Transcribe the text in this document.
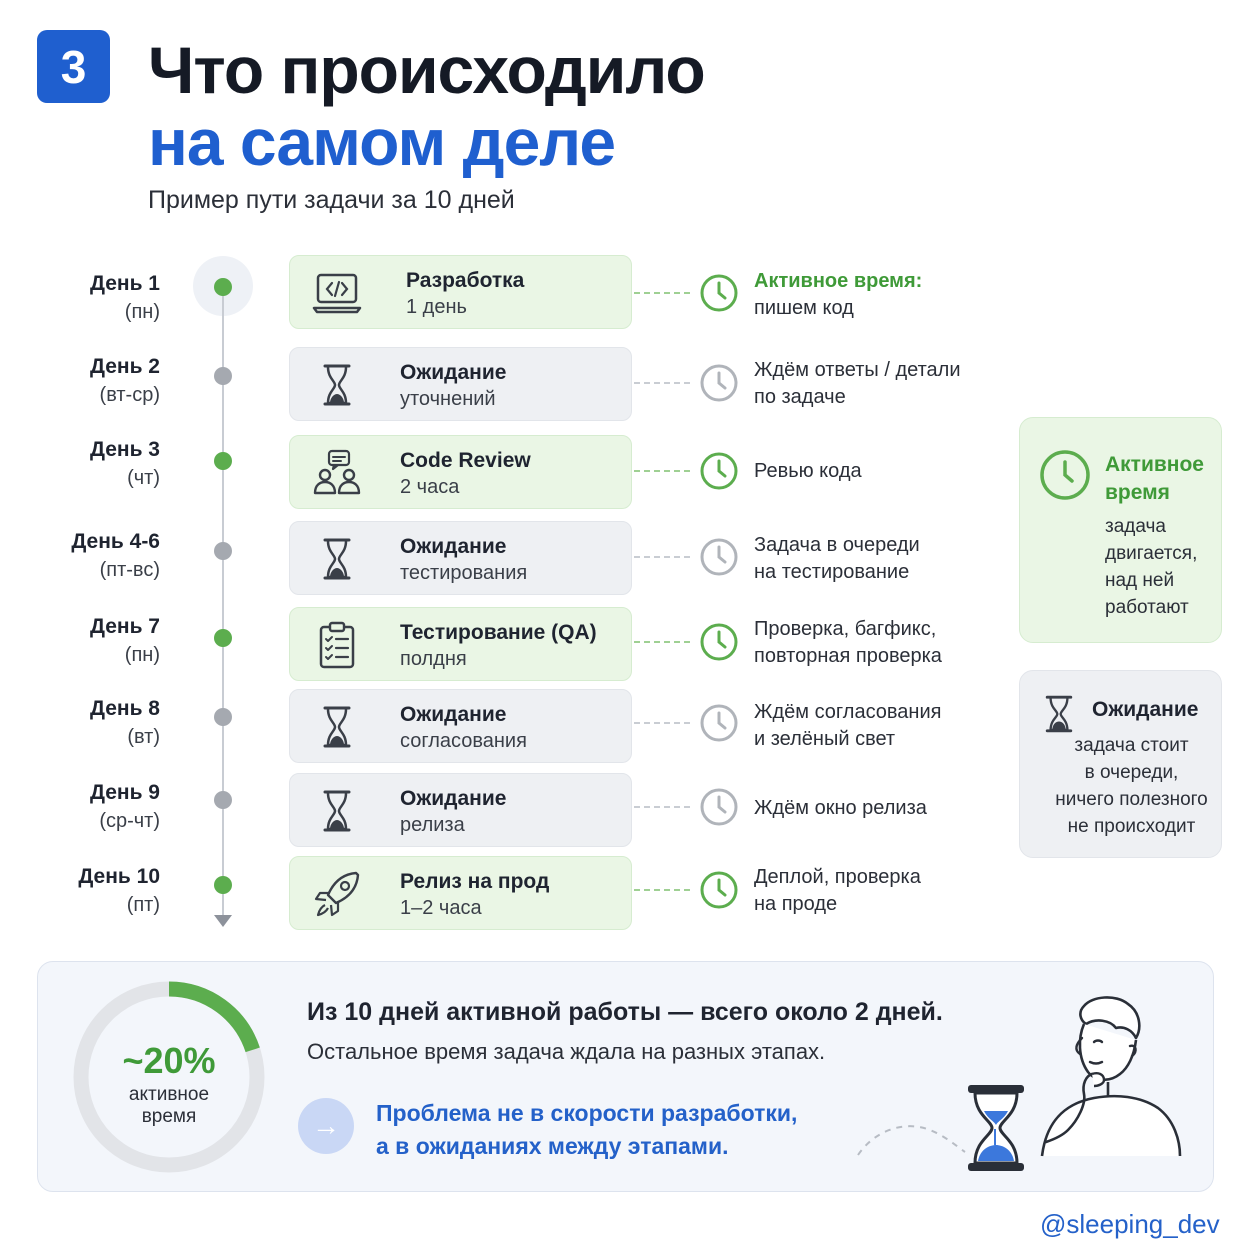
3 Что происходило
на самом деле
Пример пути задачи за 10 дней
День 1
(пн)
Разработка
1 день
Активное время:
пишем код
День 2
(вт-ср)
Ожидание
уточнений
Ждём ответы / детали
по задаче
День 3
(чт)
Code Review
2 часа
Ревью кода
День 4-6
(пт-вс)
Ожидание
тестирования
Задача в очереди
на тестирование
День 7
(пн)
Тестирование (QA)
полдня
Проверка, багфикс,
повторная проверка
День 8
(вт)
Ожидание
согласования
Ждём согласования
и зелёный свет
День 9
(ср-чт)
Ожидание
релиза
Ждём окно релиза
День 10
(пт)
Релиз на прод
1–2 часа
Деплой, проверка
на проде
Активное
время
задача
двигается,
над ней
работают
Ожидание
задача стоит
в очереди,
ничего полезного
не происходит
~20%
активное
время
Из 10 дней активной работы — всего около 2 дней.
Остальное время задача ждала на разных этапах.
→	Проблема не в скорости разработки,
а в ожиданиях между этапами.
@sleeping_dev
